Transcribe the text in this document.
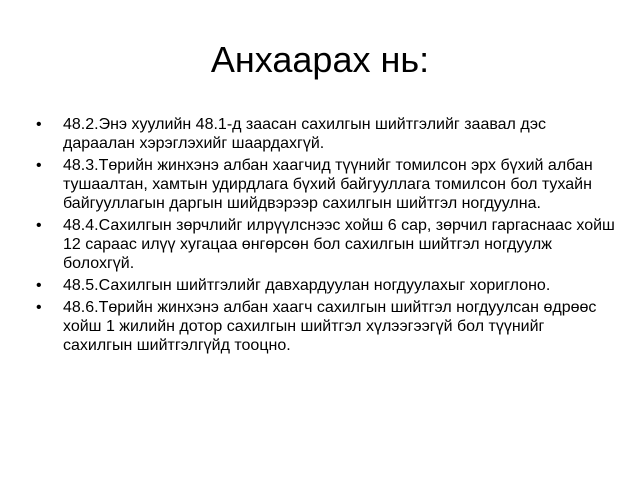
Анхаарах нь:
• 48.2.Энэ хуулийн 48.1-д заасан сахилгын шийтгэлийг заавал дэс дараалан хэрэглэхийг шаардахгүй.
• 48.3.Төрийн жинхэнэ албан хаагчид түүнийг томилсон эрх бүхий албан тушаалтан, хамтын удирдлага бүхий байгууллага томилсон бол тухайн байгууллагын даргын шийдвэрээр сахилгын шийтгэл ногдуулна.
• 48.4.Сахилгын зөрчлийг илрүүлснээс хойш 6 сар, зөрчил гаргаснаас хойш 12 сараас илүү хугацаа өнгөрсөн бол сахилгын шийтгэл ногдуулж болохгүй.
• 48.5.Сахилгын шийтгэлийг давхардуулан ногдуулахыг хориглоно.
• 48.6.Төрийн жинхэнэ албан хаагч сахилгын шийтгэл ногдуулсан өдрөөс хойш 1 жилийн дотор сахилгын шийтгэл хүлээгээгүй бол түүнийг сахилгын шийтгэлгүйд тооцно.
